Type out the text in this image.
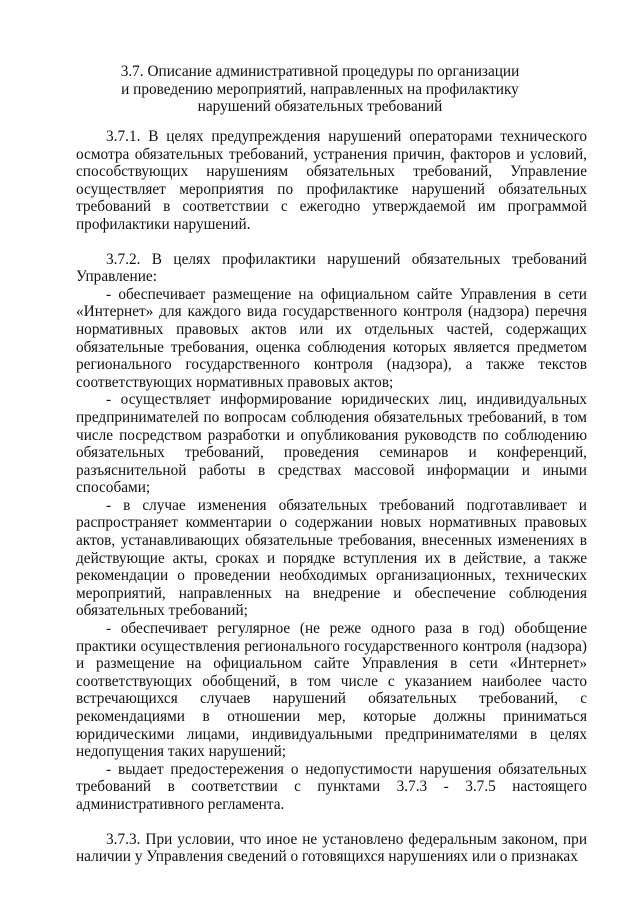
3.7. Описание административной процедуры по организации
и проведению мероприятий, направленных на профилактику
нарушений обязательных требований

3.7.1. В целях предупреждения нарушений операторами технического осмотра обязательных требований, устранения причин, факторов и условий, способствующих нарушениям обязательных требований, Управление осуществляет мероприятия по профилактике нарушений обязательных требований в соответствии с ежегодно утверждаемой им программой профилактики нарушений.

3.7.2. В целях профилактики нарушений обязательных требований Управление:

- обеспечивает размещение на официальном сайте Управления в сети «Интернет» для каждого вида государственного контроля (надзора) перечня нормативных правовых актов или их отдельных частей, содержащих обязательные требования, оценка соблюдения которых является предметом регионального государственного контроля (надзора), а также текстов соответствующих нормативных правовых актов;

- осуществляет информирование юридических лиц, индивидуальных предпринимателей по вопросам соблюдения обязательных требований, в том числе посредством разработки и опубликования руководств по соблюдению обязательных требований, проведения семинаров и конференций, разъяснительной работы в средствах массовой информации и иными способами;

- в случае изменения обязательных требований подготавливает и распространяет комментарии о содержании новых нормативных правовых актов, устанавливающих обязательные требования, внесенных изменениях в действующие акты, сроках и порядке вступления их в действие, а также рекомендации о проведении необходимых организационных, технических мероприятий, направленных на внедрение и обеспечение соблюдения обязательных требований;

- обеспечивает регулярное (не реже одного раза в год) обобщение практики осуществления регионального государственного контроля (надзора) и размещение на официальном сайте Управления в сети «Интернет» соответствующих обобщений, в том числе с указанием наиболее часто встречающихся случаев нарушений обязательных требований, с рекомендациями в отношении мер, которые должны приниматься юридическими лицами, индивидуальными предпринимателями в целях недопущения таких нарушений;

- выдает предостережения о недопустимости нарушения обязательных требований в соответствии с пунктами 3.7.3 - 3.7.5 настоящего административного регламента.

3.7.3. При условии, что иное не установлено федеральным законом, при наличии у Управления сведений о готовящихся нарушениях или о признаках
